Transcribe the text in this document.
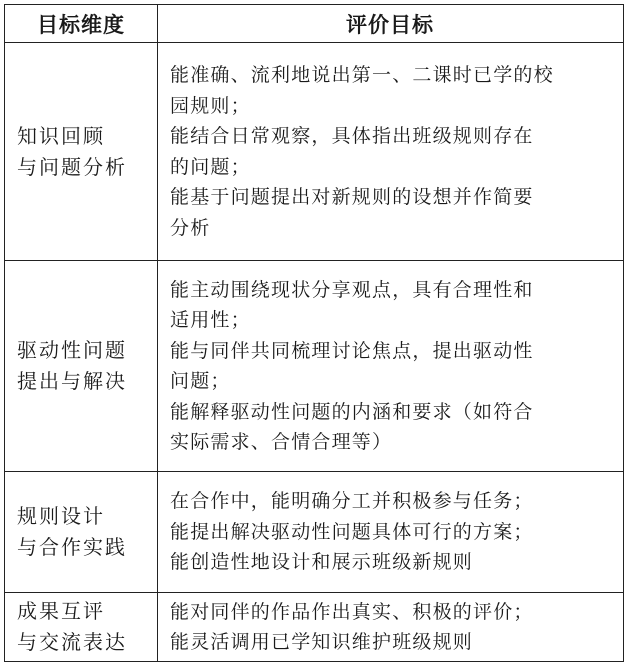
目标维度	评价目标
知识回顾
与问题分析
能准确、流利地说出第一、二课时已学的校
园规则；
能结合日常观察，具体指出班级规则存在
的问题；
能基于问题提出对新规则的设想并作简要
分析
驱动性问题
提出与解决
能主动围绕现状分享观点，具有合理性和
适用性；
能与同伴共同梳理讨论焦点，提出驱动性
问题；
能解释驱动性问题的内涵和要求（如符合
实际需求、合情合理等）
规则设计
与合作实践
在合作中，能明确分工并积极参与任务；
能提出解决驱动性问题具体可行的方案；
能创造性地设计和展示班级新规则
成果互评
与交流表达
能对同伴的作品作出真实、积极的评价；
能灵活调用已学知识维护班级规则
